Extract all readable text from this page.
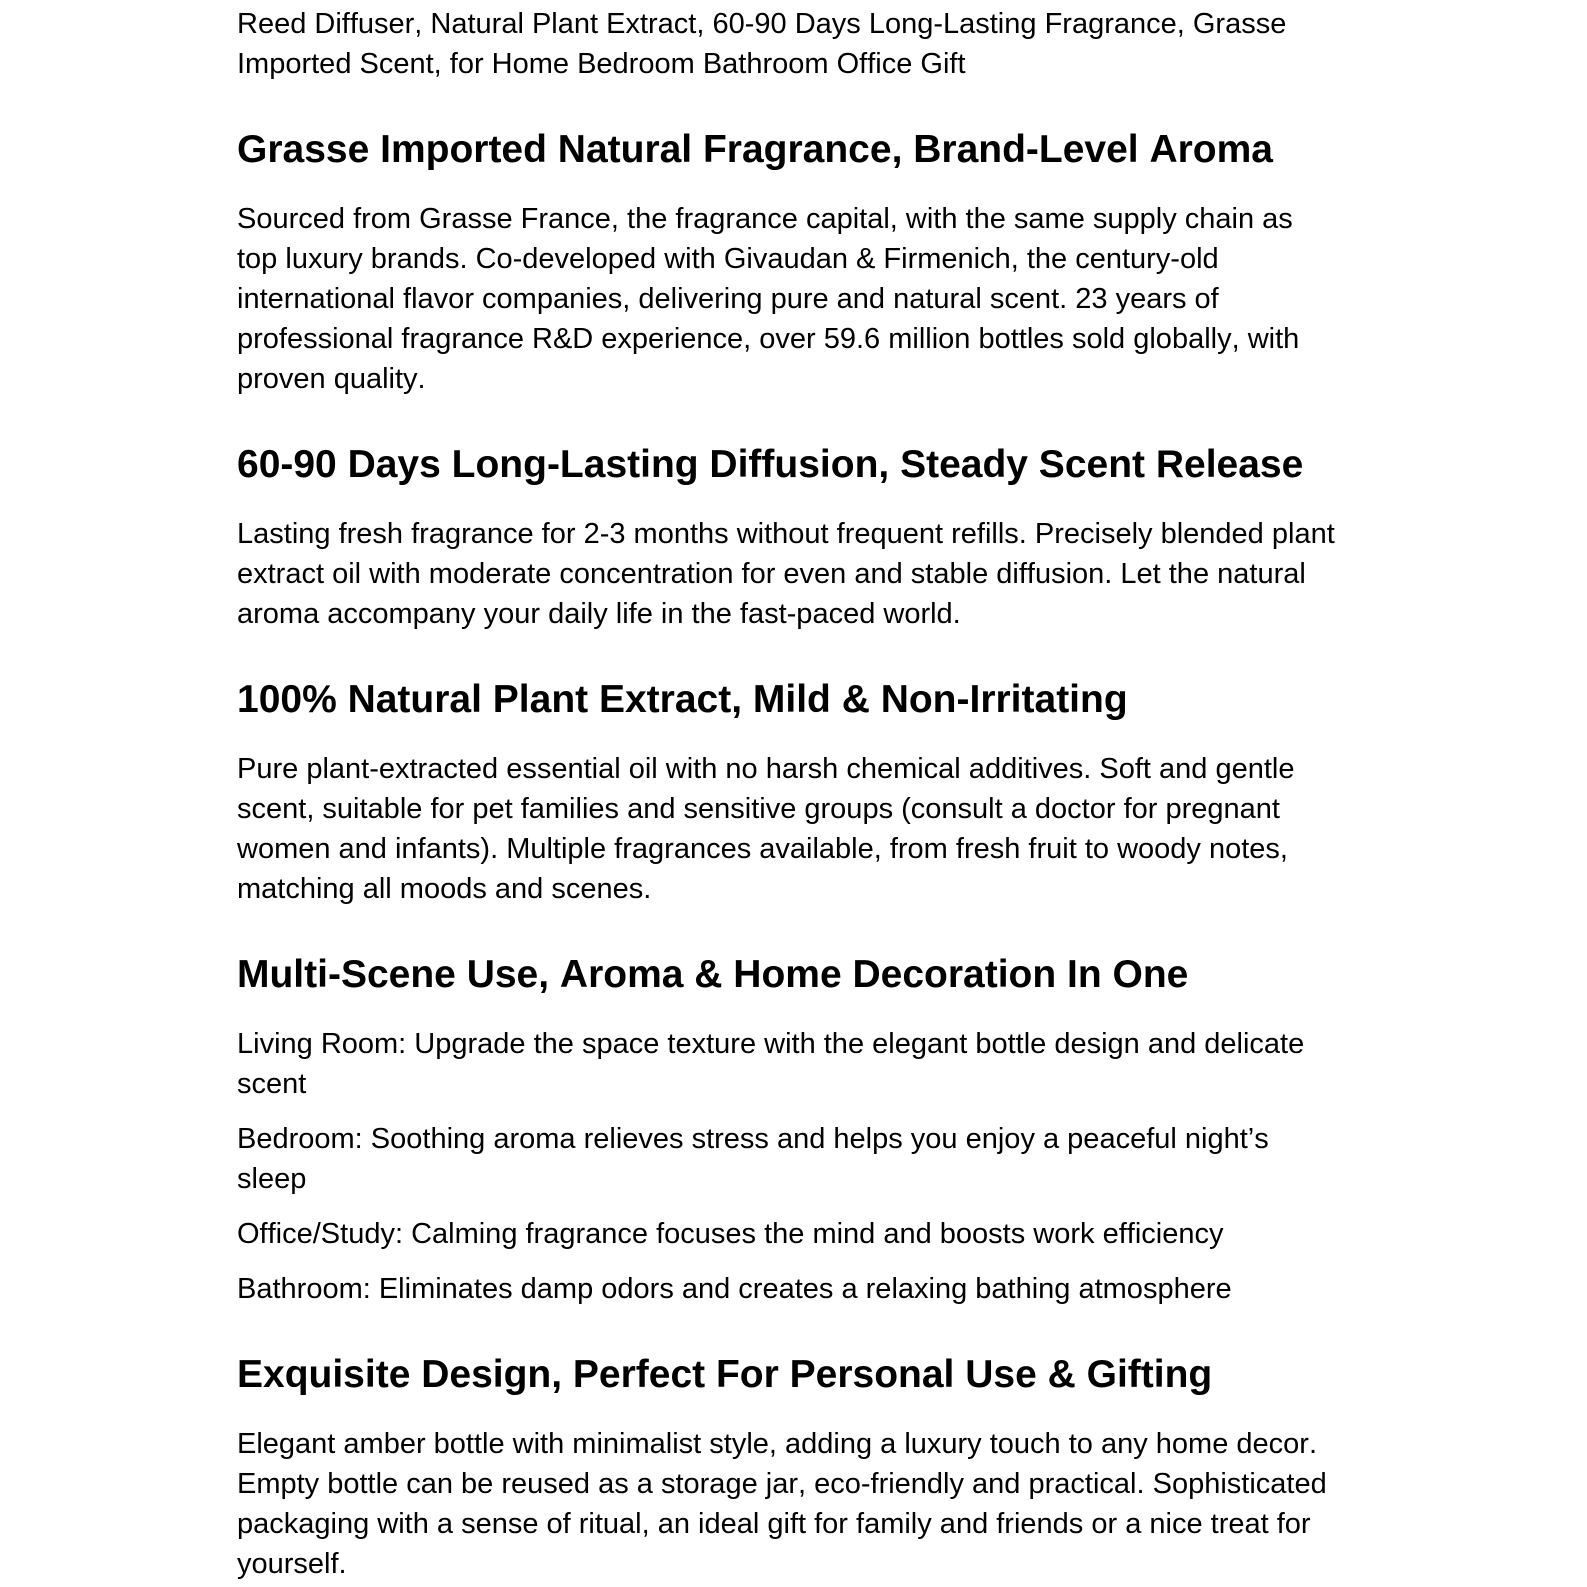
Reed Diffuser, Natural Plant Extract, 60-90 Days Long-Lasting Fragrance, Grasse Imported Scent, for Home Bedroom Bathroom Office Gift

Grasse Imported Natural Fragrance, Brand-Level Aroma

Sourced from Grasse France, the fragrance capital, with the same supply chain as top luxury brands. Co-developed with Givaudan & Firmenich, the century-old international flavor companies, delivering pure and natural scent. 23 years of professional fragrance R&D experience, over 59.6 million bottles sold globally, with proven quality.

60-90 Days Long-Lasting Diffusion, Steady Scent Release

Lasting fresh fragrance for 2-3 months without frequent refills. Precisely blended plant extract oil with moderate concentration for even and stable diffusion. Let the natural aroma accompany your daily life in the fast-paced world.

100% Natural Plant Extract, Mild & Non-Irritating

Pure plant-extracted essential oil with no harsh chemical additives. Soft and gentle scent, suitable for pet families and sensitive groups (consult a doctor for pregnant women and infants). Multiple fragrances available, from fresh fruit to woody notes, matching all moods and scenes.

Multi-Scene Use, Aroma & Home Decoration In One

Living Room: Upgrade the space texture with the elegant bottle design and delicate scent

Bedroom: Soothing aroma relieves stress and helps you enjoy a peaceful night’s sleep

Office/Study: Calming fragrance focuses the mind and boosts work efficiency

Bathroom: Eliminates damp odors and creates a relaxing bathing atmosphere

Exquisite Design, Perfect For Personal Use & Gifting

Elegant amber bottle with minimalist style, adding a luxury touch to any home decor. Empty bottle can be reused as a storage jar, eco-friendly and practical. Sophisticated packaging with a sense of ritual, an ideal gift for family and friends or a nice treat for yourself.
